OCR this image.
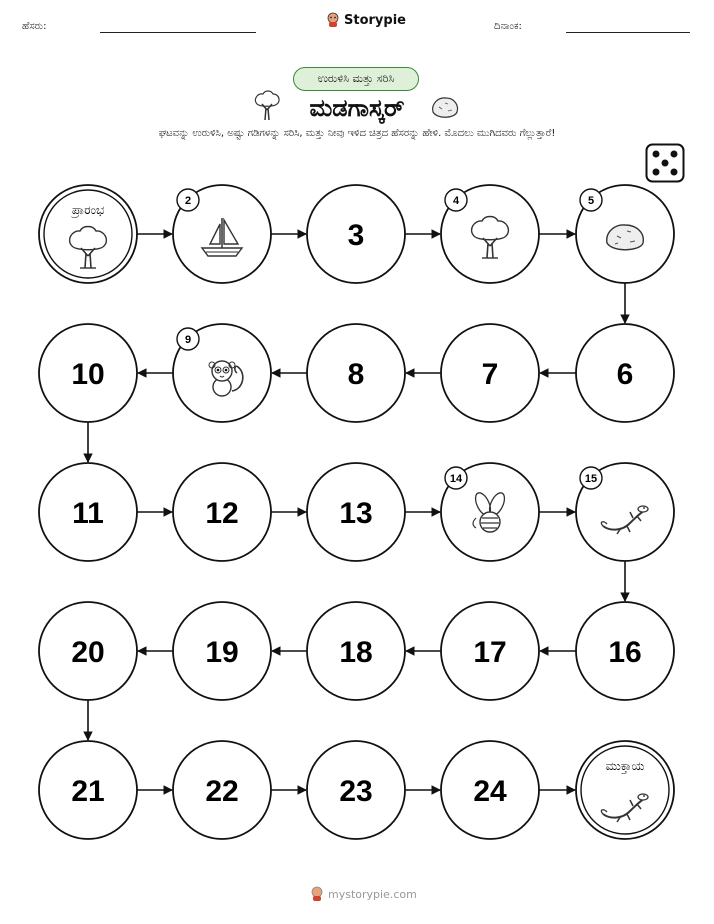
ಹೆಸರು:	ದಿನಾಂಕ:
Storypie
ಉರುಳಿಸಿ ಮತ್ತು ಸರಿಸಿ
ಮಡಗಾಸ್ಕರ್
ಘಟವನ್ನು ಉರುಳಿಸಿ, ಅಷ್ಟು ಗಡಿಗಳನ್ನು ಸರಿಸಿ, ಮತ್ತು ನೀವು ಇಳಿದ ಚಿತ್ರದ ಹೆಸರನ್ನು ಹೇಳಿ. ಮೊದಲು ಮುಗಿದವರು ಗೆಲ್ಲುತ್ತಾರೆ!
ಪ್ರಾರಂಭ
2
3
4	5
6
7
8
9
10
11	12	13
14	15
16
17
18
19
20
21	22	23	24
ಮುಕ್ತಾಯ
mystorypie.com
